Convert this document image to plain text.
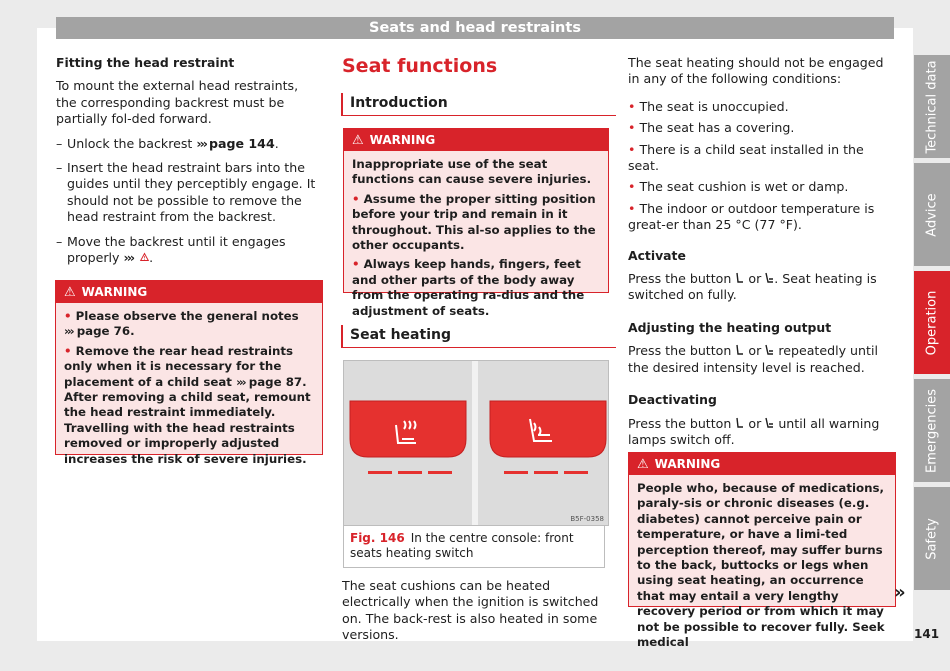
Seats and head restraints
Fitting the head restraint

To mount the external head restraints, the corresponding backrest must be partially fol-ded forward.

– Unlock the backrest ››› page 144.
– Insert the head restraint bars into the guides until they perceptibly engage. It should not be possible to remove the head restraint from the backrest.
– Move the backrest until it engages properly ››› .
⚠ WARNING

• Please observe the general notes
››› page 76.

• Remove the rear head restraints only when it is necessary for the placement of a child seat ››› page 87. After removing a child seat, remount the head restraint immediately. Travelling with the head restraints removed or improperly adjusted increases the risk of severe injuries.

Seat functions
Introduction
⚠ WARNING

Inappropriate use of the seat functions can cause severe injuries.

• Assume the proper sitting position before your trip and remain in it throughout. This al-so applies to the other occupants.

• Always keep hands, fingers, feet and other parts of the body away from the operating ra-dius and the adjustment of seats.

Seat heating
B5F-0358
Fig. 146 In the centre console: front seats heating switch

The seat cushions can be heated electrically when the ignition is switched on. The back-rest is also heated in some versions.

The seat heating should not be engaged in any of the following conditions:

• The seat is unoccupied.
• The seat has a covering.
• There is a child seat installed in the seat.
• The seat cushion is wet or damp.
• The indoor or outdoor temperature is great-er than 25 °C (77 °F).
Activate

Press the button or . Seat heating is switched on fully.

Adjusting the heating output

Press the button or repeatedly until the desired intensity level is reached.

Deactivating

Press the button or until all warning lamps switch off.

⚠ WARNING
People who, because of medications, paraly-sis or chronic diseases (e.g. diabetes) cannot perceive pain or temperature, or have a limi-ted perception thereof, may suffer burns to the back, buttocks or legs when using seat heating, an occurrence that may entail a very lengthy recovery period or from which it may not be possible to recover fully. Seek medical
»
Technical data
Advice
Operation
Emergencies
Safety
141
